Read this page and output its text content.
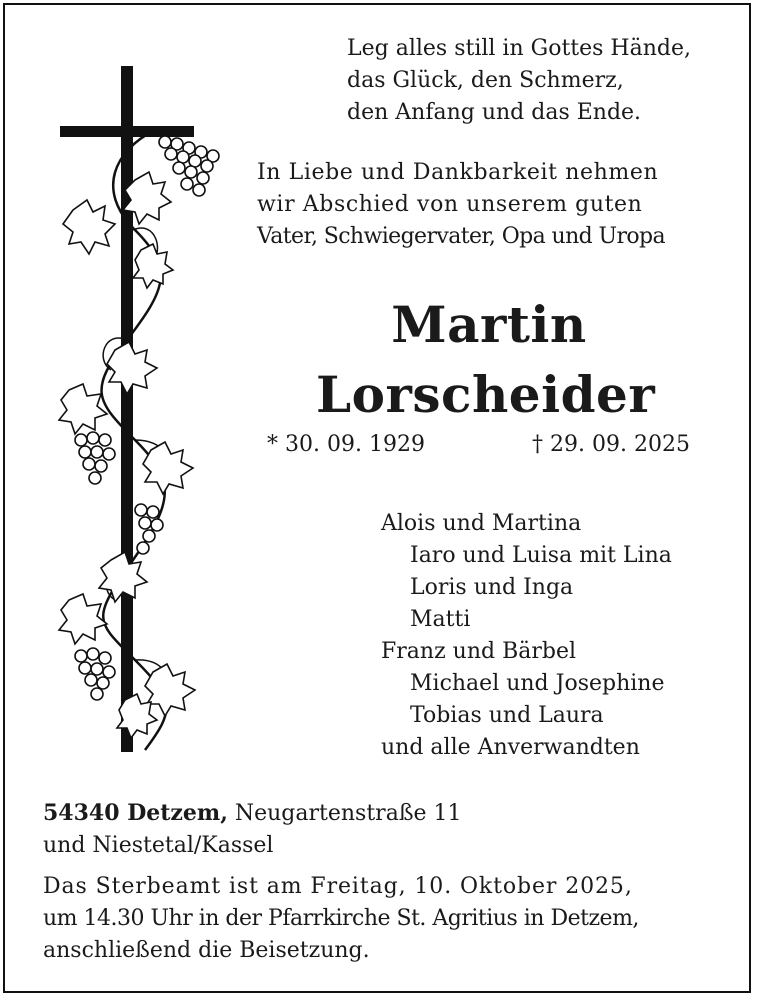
Leg alles still in Gottes Hände,
das Glück, den Schmerz,
den Anfang und das Ende.
In Liebe und Dankbarkeit nehmen
wir Abschied von unserem guten
Vater, Schwiegervater, Opa und Uropa
Martin
Lorscheider
* 30. 09. 1929	† 29. 09. 2025
Alois und Martina
Iaro und Luisa mit Lina
Loris und Inga
Matti
Franz und Bärbel
Michael und Josephine
Tobias und Laura
und alle Anverwandten
54340 Detzem, Neugartenstraße 11
und Niestetal/Kassel
Das Sterbeamt ist am Freitag, 10. Oktober 2025,
um 14.30 Uhr in der Pfarrkirche St. Agritius in Detzem,
anschließend die Beisetzung.
